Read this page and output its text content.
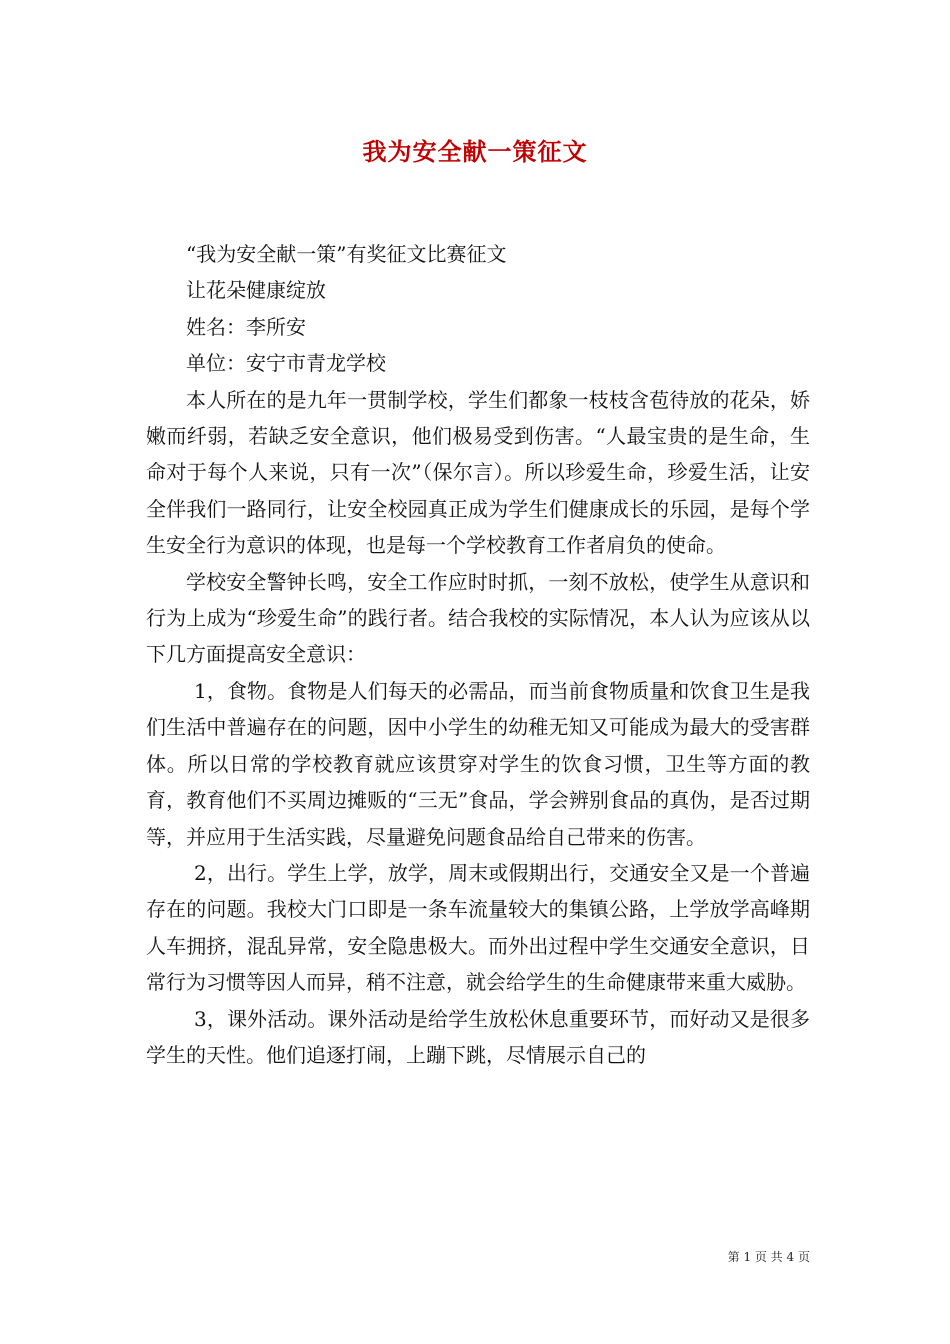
我为安全献一策征文

“我为安全献一策”有奖征文比赛征文

让花朵健康绽放

姓名：李所安

单位：安宁市青龙学校

本人所在的是九年一贯制学校，学生们都象一枝枝含苞待放的花朵，娇嫩而纤弱，若缺乏安全意识，他们极易受到伤害。“人最宝贵的是生命，生命对于每个人来说，只有一次”（保尔言）。所以珍爱生命，珍爱生活，让安全伴我们一路同行，让安全校园真正成为学生们健康成长的乐园，是每个学生安全行为意识的体现，也是每一个学校教育工作者肩负的使命。

学校安全警钟长鸣，安全工作应时时抓，一刻不放松，使学生从意识和行为上成为“珍爱生命”的践行者。结合我校的实际情况，本人认为应该从以下几方面提高安全意识：

1，食物。食物是人们每天的必需品，而当前食物质量和饮食卫生是我们生活中普遍存在的问题，因中小学生的幼稚无知又可能成为最大的受害群体。所以日常的学校教育就应该贯穿对学生的饮食习惯，卫生等方面的教育，教育他们不买周边摊贩的“三无”食品，学会辨别食品的真伪，是否过期等，并应用于生活实践，尽量避免问题食品给自己带来的伤害。

2，出行。学生上学，放学，周末或假期出行，交通安全又是一个普遍存在的问题。我校大门口即是一条车流量较大的集镇公路，上学放学高峰期人车拥挤，混乱异常，安全隐患极大。而外出过程中学生交通安全意识，日常行为习惯等因人而异，稍不注意，就会给学生的生命健康带来重大威胁。

3，课外活动。课外活动是给学生放松休息重要环节，而好动又是很多学生的天性。他们追逐打闹，上蹦下跳，尽情展示自己的

第 1 页 共 4 页
